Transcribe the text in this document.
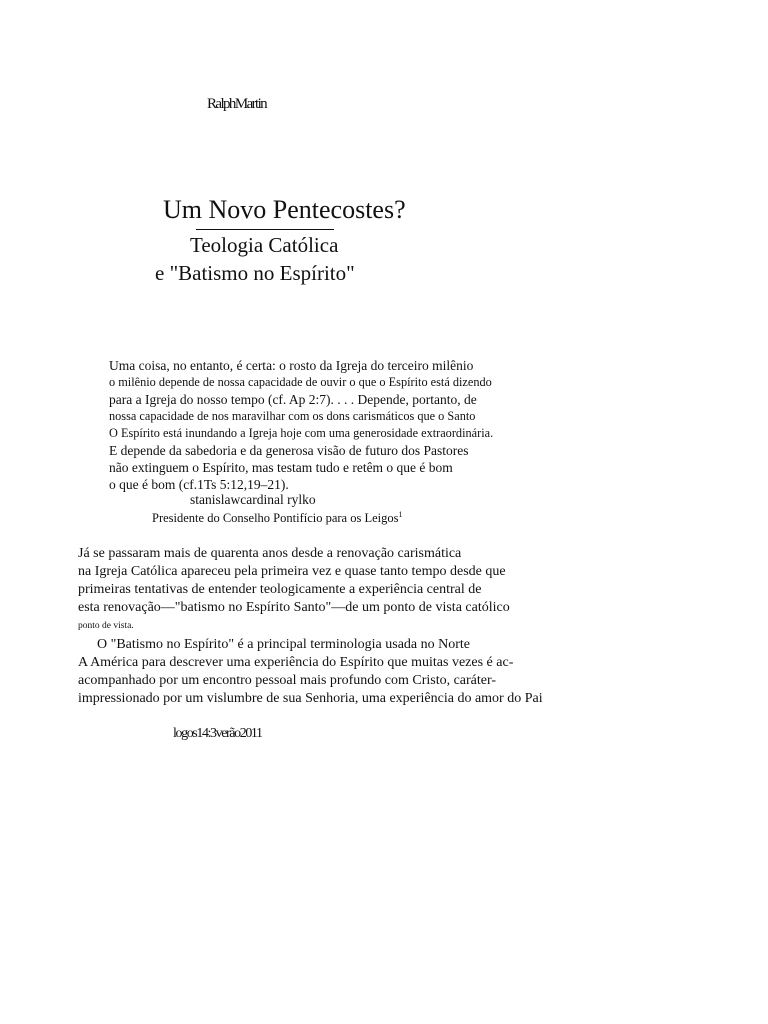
RalphMartin
Um Novo Pentecostes?
Teologia Católica
e "Batismo no Espírito"
Uma coisa, no entanto, é certa: o rosto da Igreja do terceiro milênio
o milênio depende de nossa capacidade de ouvir o que o Espírito está dizendo
para a Igreja do nosso tempo (cf. Ap 2:7). . . . Depende, portanto, de
nossa capacidade de nos maravilhar com os dons carismáticos que o Santo
O Espírito está inundando a Igreja hoje com uma generosidade extraordinária.
E depende da sabedoria e da generosa visão de futuro dos Pastores
não extinguem o Espírito, mas testam tudo e retêm o que é bom
o que é bom (cf.1Ts 5:12,19–21).
stanislawcardinal rylko
Presidente do Conselho Pontifício para os Leigos$^1$
Já se passaram mais de quarenta anos desde a renovação carismática
na Igreja Católica apareceu pela primeira vez e quase tanto tempo desde que
primeiras tentativas de entender teologicamente a experiência central de
esta renovação—"batismo no Espírito Santo"—de um ponto de vista católico
ponto de vista.
O "Batismo no Espírito" é a principal terminologia usada no Norte
A América para descrever uma experiência do Espírito que muitas vezes é ac-
acompanhado por um encontro pessoal mais profundo com Cristo, caráter-
impressionado por um vislumbre de sua Senhoria, uma experiência do amor do Pai
logos14:3verão2011
